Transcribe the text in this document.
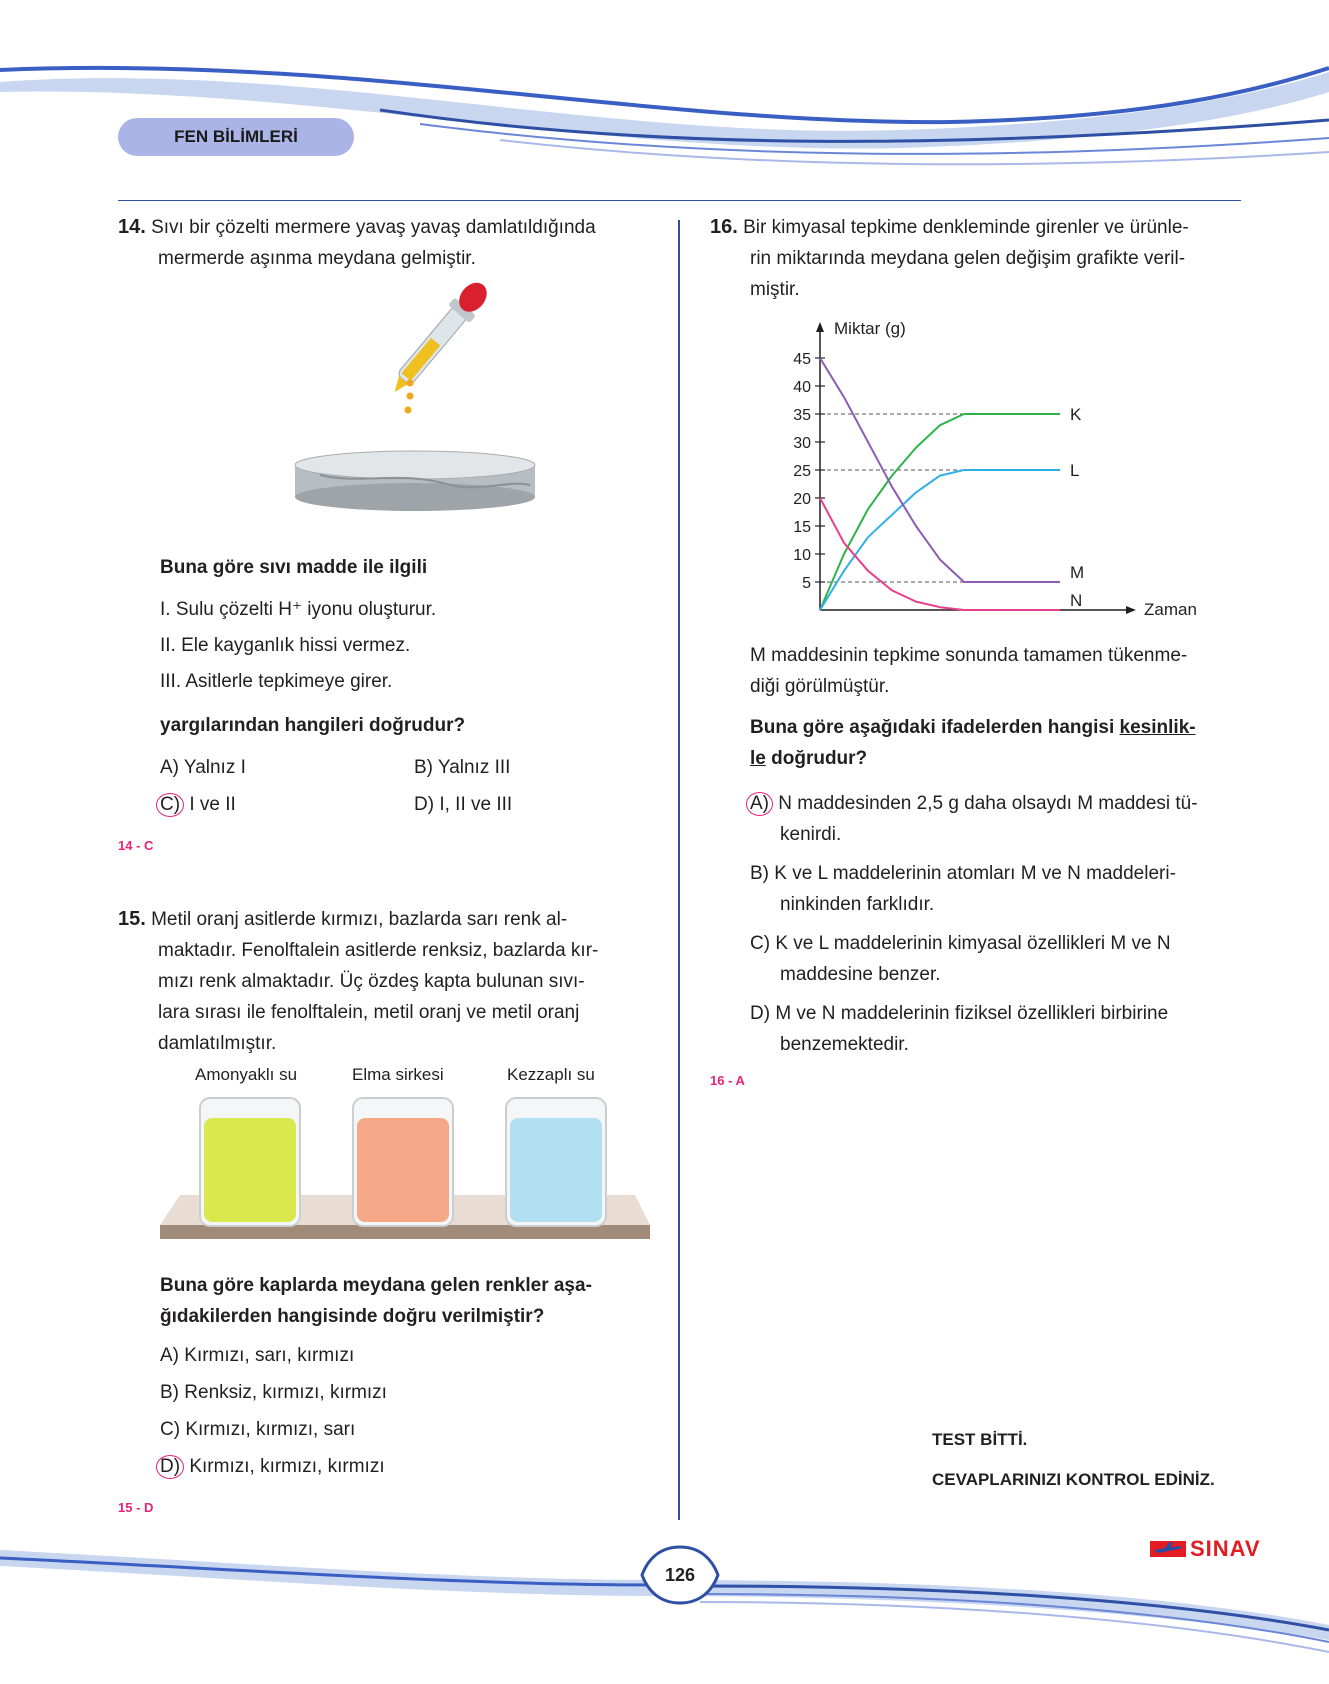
FEN BİLİMLERİ
14. Sıvı bir çözelti mermere yavaş yavaş damlatıldığında
mermerde aşınma meydana gelmiştir.
Buna göre sıvı madde ile ilgili
I. Sulu çözelti H⁺ iyonu oluşturur.
II. Ele kayganlık hissi vermez.
III. Asitlerle tepkimeye girer.
yargılarından hangileri doğrudur?
A) Yalnız I	B) Yalnız III
C) I ve II	D) I, II ve III
14 - C
15. Metil oranj asitlerde kırmızı, bazlarda sarı renk al-
maktadır. Fenolftalein asitlerde renksiz, bazlarda kır-
mızı renk almaktadır. Üç özdeş kapta bulunan sıvı-
lara sırası ile fenolftalein, metil oranj ve metil oranj
damlatılmıştır.
Amonyaklı su	Elma sirkesi	Kezzaplı su
Buna göre kaplarda meydana gelen renkler aşa-
ğıdakilerden hangisinde doğru verilmiştir?
A) Kırmızı, sarı, kırmızı
B) Renksiz, kırmızı, kırmızı
C) Kırmızı, kırmızı, sarı
D) Kırmızı, kırmızı, kırmızı
15 - D
16. Bir kimyasal tepkime denkleminde girenler ve ürünle-
rin miktarında meydana gelen değişim grafikte veril-
miştir.
Miktar (g)
Zaman
5
10
15
20
25
30
35
40
45
K
L
M
N
M maddesinin tepkime sonunda tamamen tükenme-
diği görülmüştür.
Buna göre aşağıdaki ifadelerden hangisi kesinlik-
le doğrudur?
A) N maddesinden 2,5 g daha olsaydı M maddesi tü-
kenirdi.
B) K ve L maddelerinin atomları M ve N maddeleri-
ninkinden farklıdır.
C) K ve L maddelerinin kimyasal özellikleri M ve N
maddesine benzer.
D) M ve N maddelerinin fiziksel özellikleri birbirine
benzemektedir.
16 - A
TEST BİTTİ.
CEVAPLARINIZI KONTROL EDİNİZ.
SINAV
126
